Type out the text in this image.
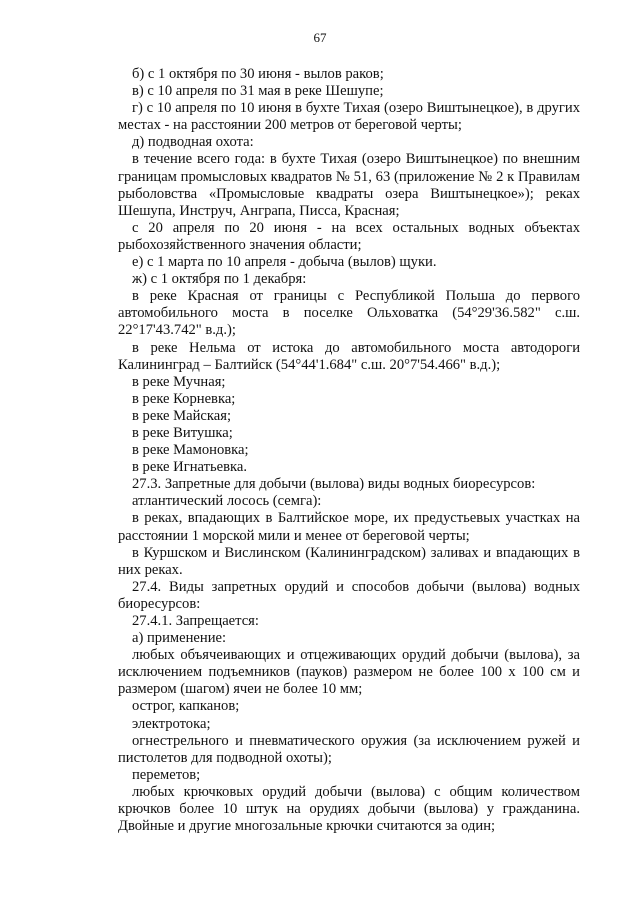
67

б) с 1 октября по 30 июня - вылов раков;

в) с 10 апреля по 31 мая в реке Шешупе;

г) с 10 апреля по 10 июня в бухте Тихая (озеро Виштынецкое), в других местах - на расстоянии 200 метров от береговой черты;

д) подводная охота:

в течение всего года: в бухте Тихая (озеро Виштынецкое) по внешним границам промысловых квадратов № 51, 63 (приложение № 2 к Правилам рыболовства «Промысловые квадраты озера Виштынецкое»); реках Шешупа, Инструч, Анграпа, Писса, Красная;

с 20 апреля по 20 июня - на всех остальных водных объектах рыбохозяйственного значения области;

е) с 1 марта по 10 апреля - добыча (вылов) щуки.

ж) с 1 октября по 1 декабря:

в реке Красная от границы с Республикой Польша до первого автомобильного моста в поселке Ольховатка (54°29'36.582" с.ш. 22°17'43.742" в.д.);

в реке Нельма от истока до автомобильного моста автодороги Калининград – Балтийск (54°44'1.684" с.ш. 20°7'54.466" в.д.);

в реке Мучная;

в реке Корневка;

в реке Майская;

в реке Витушка;

в реке Мамоновка;

в реке Игнатьевка.

27.3. Запретные для добычи (вылова) виды водных биоресурсов:

атлантический лосось (семга):

в реках, впадающих в Балтийское море, их предустьевых участках на расстоянии 1 морской мили и менее от береговой черты;

в Куршском и Вислинском (Калининградском) заливах и впадающих в них реках.

27.4. Виды запретных орудий и способов добычи (вылова) водных биоресурсов:

27.4.1. Запрещается:

а) применение:

любых объячеивающих и отцеживающих орудий добычи (вылова), за исключением подъемников (пауков) размером не более 100 х 100 см и размером (шагом) ячеи не более 10 мм;

острог, капканов;

электротока;

огнестрельного и пневматического оружия (за исключением ружей и пистолетов для подводной охоты);

переметов;

любых крючковых орудий добычи (вылова) с общим количеством крючков более 10 штук на орудиях добычи (вылова) у гражданина. Двойные и другие многозальные крючки считаются за один;
